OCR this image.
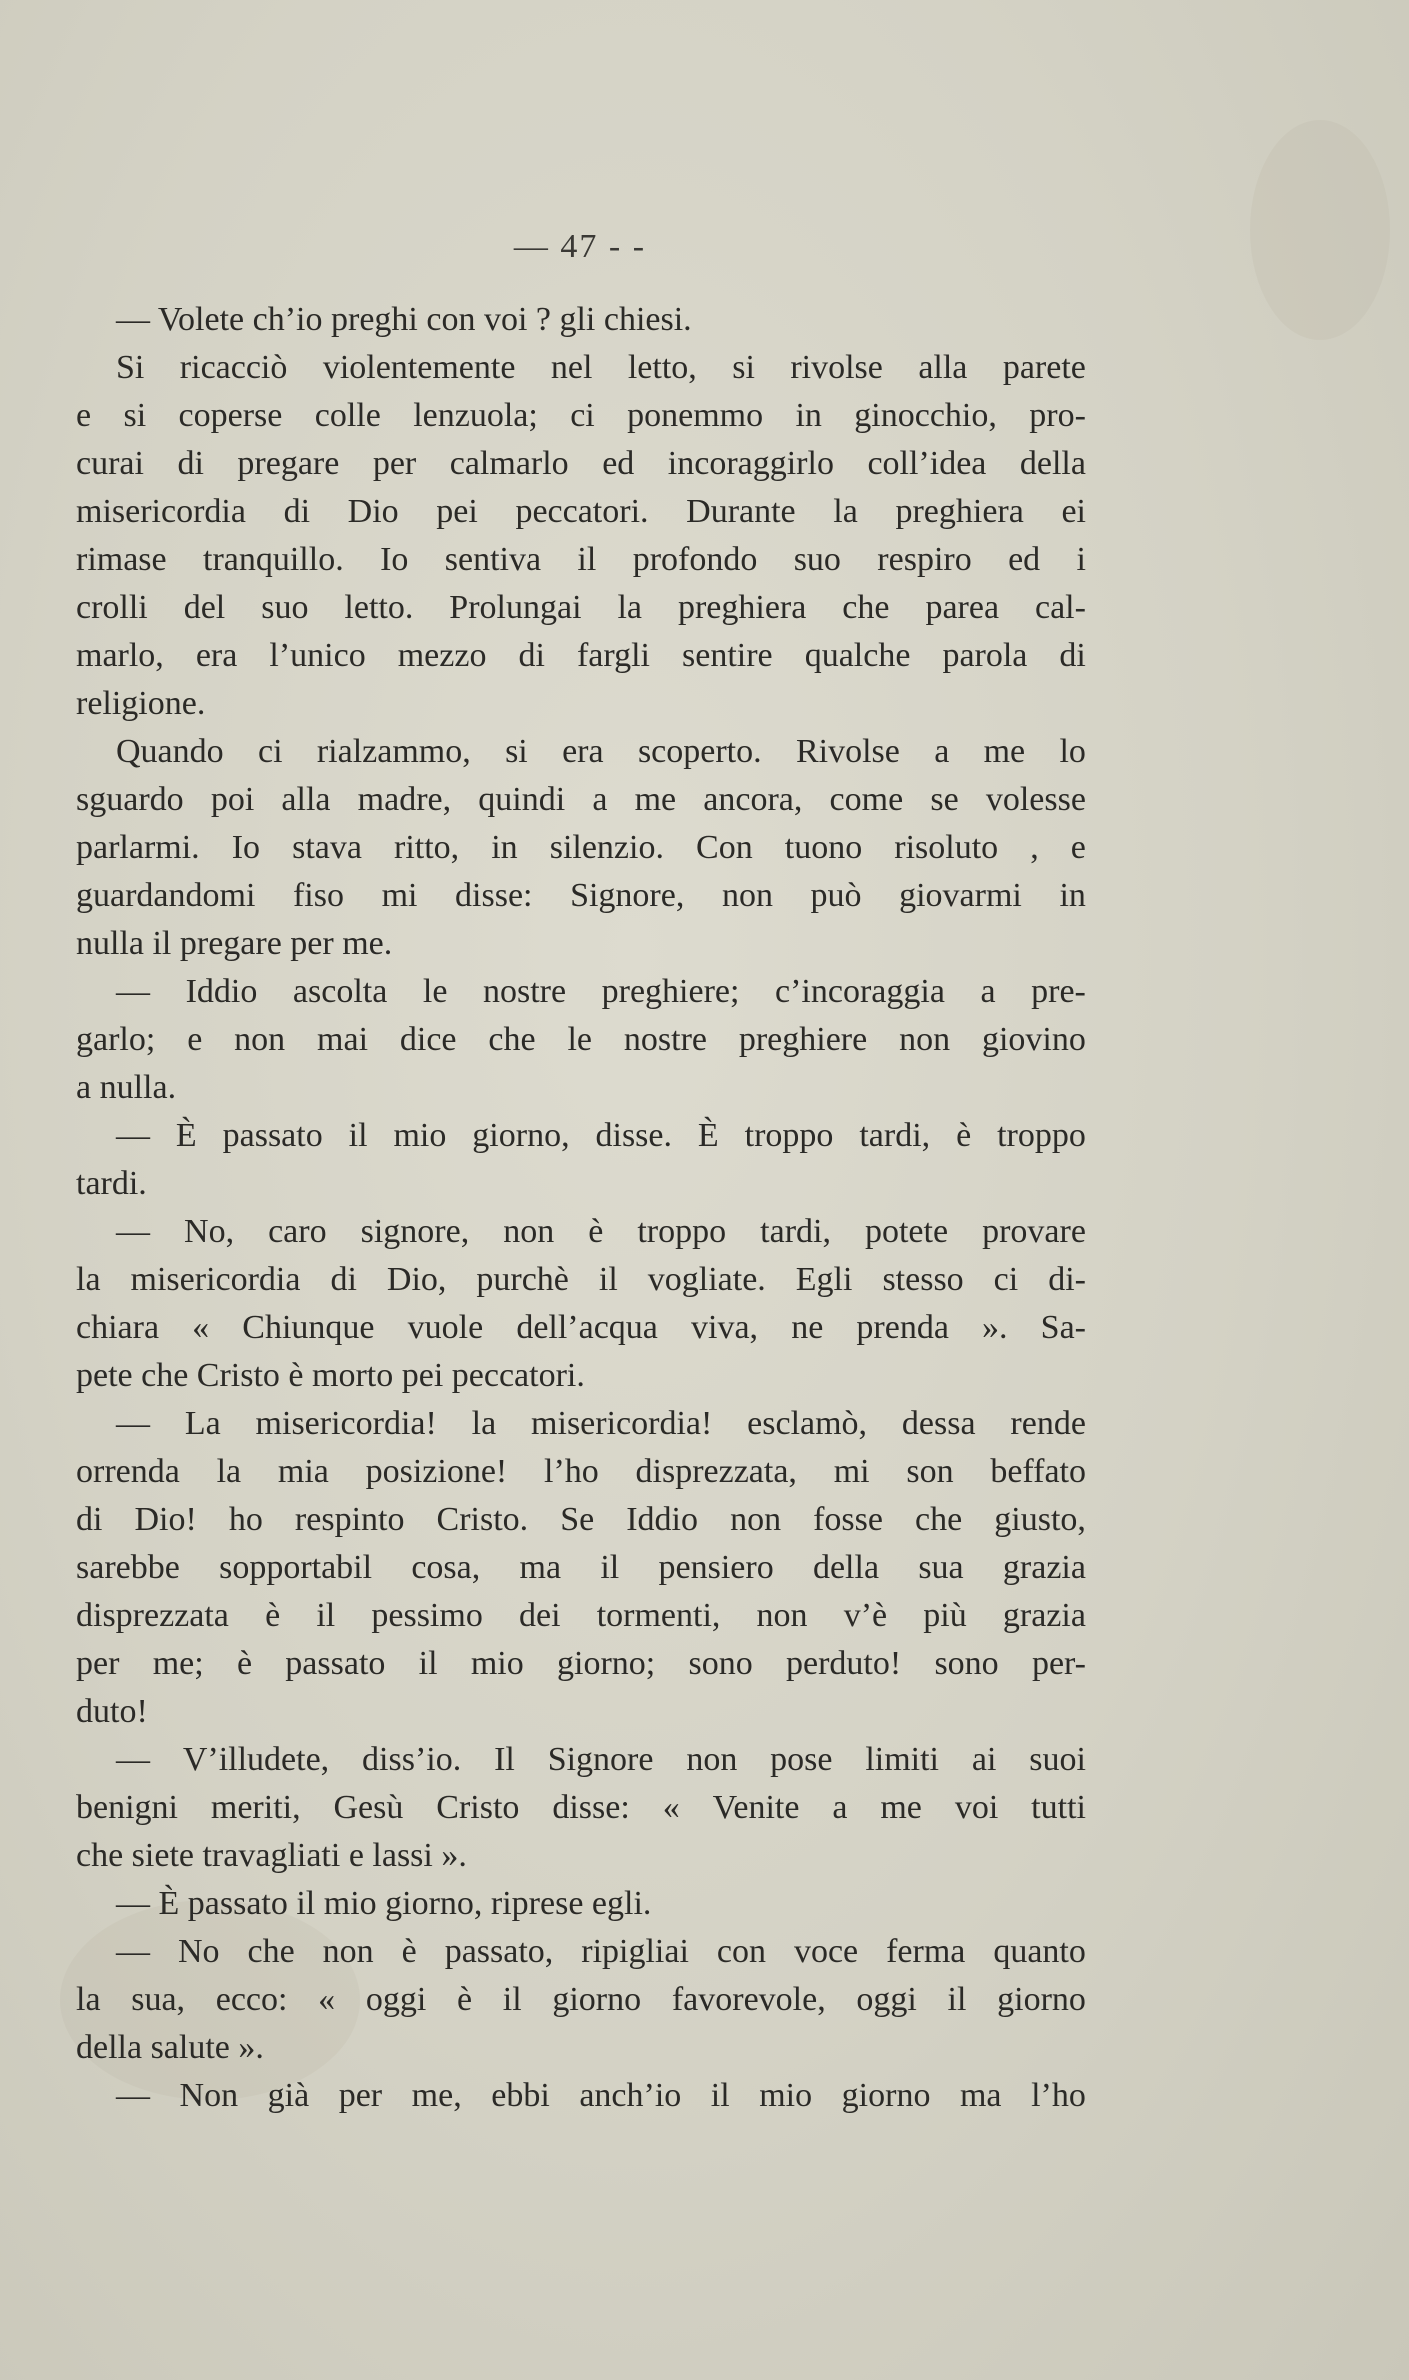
— 47 - -
— Volete ch’io preghi con voi ? gli chiesi.
Si ricacciò violentemente nel letto, si rivolse alla parete
e si coperse colle lenzuola; ci ponemmo in ginocchio, pro-
curai di pregare per calmarlo ed incoraggirlo coll’idea della
misericordia di Dio pei peccatori. Durante la preghiera ei
rimase tranquillo. Io sentiva il profondo suo respiro ed i
crolli del suo letto. Prolungai la preghiera che parea cal-
marlo, era l’unico mezzo di fargli sentire qualche parola di
religione.
Quando ci rialzammo, si era scoperto. Rivolse a me lo
sguardo poi alla madre, quindi a me ancora, come se volesse
parlarmi. Io stava ritto, in silenzio. Con tuono risoluto , e
guardandomi fiso mi disse: Signore, non può giovarmi in
nulla il pregare per me.
— Iddio ascolta le nostre preghiere; c’incoraggia a pre-
garlo; e non mai dice che le nostre preghiere non giovino
a nulla.
— È passato il mio giorno, disse. È troppo tardi, è troppo
tardi.
— No, caro signore, non è troppo tardi, potete provare
la misericordia di Dio, purchè il vogliate. Egli stesso ci di-
chiara « Chiunque vuole dell’acqua viva, ne prenda ». Sa-
pete che Cristo è morto pei peccatori.
— La misericordia! la misericordia! esclamò, dessa rende
orrenda la mia posizione! l’ho disprezzata, mi son beffato
di Dio! ho respinto Cristo. Se Iddio non fosse che giusto,
sarebbe sopportabil cosa, ma il pensiero della sua grazia
disprezzata è il pessimo dei tormenti, non v’è più grazia
per me; è passato il mio giorno; sono perduto! sono per-
duto!
— V’illudete, diss’io. Il Signore non pose limiti ai suoi
benigni meriti, Gesù Cristo disse: « Venite a me voi tutti
che siete travagliati e lassi ».
— È passato il mio giorno, riprese egli.
— No che non è passato, ripigliai con voce ferma quanto
la sua, ecco: « oggi è il giorno favorevole, oggi il giorno
della salute ».
— Non già per me, ebbi anch’io il mio giorno ma l’ho
